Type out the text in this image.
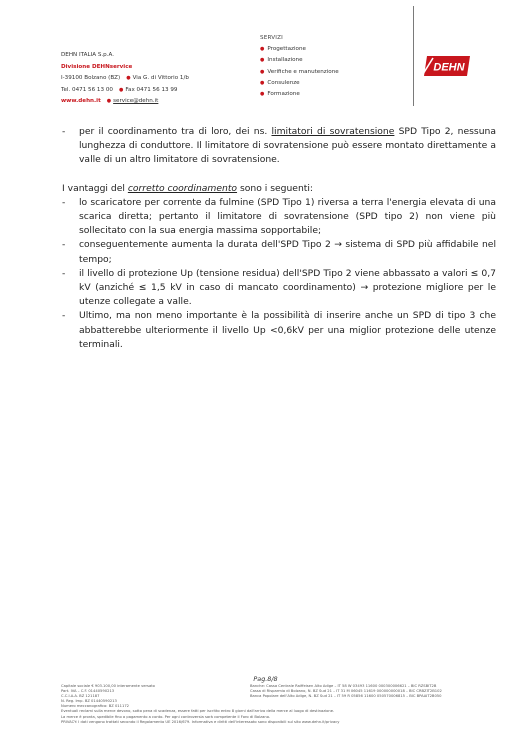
DEHN ITALIA S.p.A.
Divisione DEHNservice
I-39100 Bolzano (BZ) ● Via G. di Vittorio 1/b
Tel. 0471 56 13 00 ● Fax 0471 56 13 99
www.dehn.it ● service@dehn.it
SERVIZI
● Progettazione
● Installazione
● Verifiche e manutenzione
● Consulenze
● Formazione
DEHN
-	per il coordinamento tra di loro, dei ns. limitatori di sovratensione SPD Tipo 2, nessuna lunghezza di conduttore. Il limitatore di sovratensione può essere montato direttamente a valle di un altro limitatore di sovratensione.
I vantaggi del corretto coordinamento sono i seguenti:
-	lo scaricatore per corrente da fulmine (SPD Tipo 1) riversa a terra l'energia elevata di una scarica diretta; pertanto il limitatore di sovratensione (SPD tipo 2) non viene più sollecitato con la sua energia massima sopportabile;
-	conseguentemente aumenta la durata dell'SPD Tipo 2 → sistema di SPD più affidabile nel tempo;
-	il livello di protezione Up (tensione residua) dell'SPD Tipo 2 viene abbassato a valori ≤ 0,7 kV (anziché ≤ 1,5 kV in caso di mancato coordinamento) → protezione migliore per le utenze collegate a valle.
-	Ultimo, ma non meno importante è la possibilità di inserire anche un SPD di tipo 3 che abbatterebbe ulteriormente il livello Up <0,6kV per una miglior protezione delle utenze terminali.
Pag.8/8
Capitale sociale € 903.100,00 interamente versato
Part. IVA – C.F. 01440590213
C.C.I.A.A. BZ 121187
N. Reg. Imp. BZ 01440590213
Numero meccanografico: BZ 011172
Banche: Cassa Centrale Raiffeisen Alto Adige – IT 58 W 03493 11600 000300006621 – BIC RZSBIT2B
Cassa di Risparmio di Bolzano, N. BZ Sud 21 – IT 31 M 06045 11619 000000000018 – BIC CRBZIT2B102
Banca Popolare dell'Alto Adige, N. BZ Sud 21 – IT 59 R 05856 11600 050570006815 – BIC BPAAIT2B050
Eventuali reclami sulla merce devono, sotto pena di scadenza, essere fatti per iscritto entro 8 giorni dall'arrivo della merce al luogo di destinazione.
La merce è pronta, spedibile fino a pagamento a conto. Per ogni controversia sarà competente il Foro di Bolzano.
PRIVACY: I dati vengono trattati secondo il Regolamento UE 2016/679. Informativa e diritti dell'interessato sono disponibili sul sito www.dehn.it/privacy
